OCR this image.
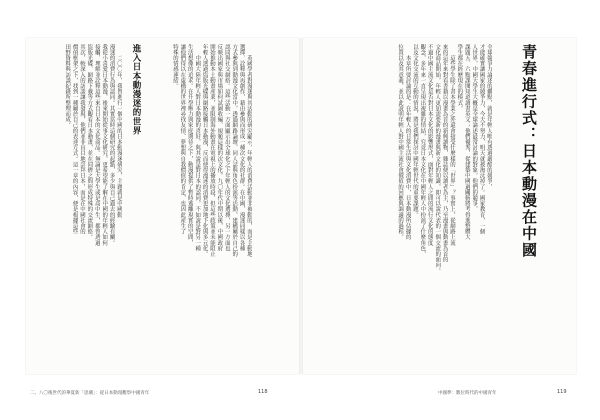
青春進行式：日本動漫在中國
全球競爭力論述的觀點，就是年輕人唯有透過嚴酷的競爭，
才能確實讓國家的競爭力，今天不努力，明天就被淘汰掉了。國家教育，一個
人世界，中國大學生大概是全球論述最常討論的對象。他們的競爭，
課題五．六點課閱知道讀書英文；他們優秀，從建築中國過關斬將考得進整體大
學生都在經歷現在的模式。
　　這些學生除了書本學業之外還會接受什麼樣的「世界」？事實上，從網路上流
來的這年來對看書籍以漫畫為首的新興讀物，雜誌便以讀者為主，乃至漫畫與動畫為首的
文化商品開始，年輕人更加需要新的漫畫與新文化的知識，即可以說代表的一個交流的面向。
不過中國主流文化是否對日本文化的影響形式，面對年輕人之間的流行文化的態度
觀念，多年來一直呈現出複雜的情結，究竟日本文化在中國年輕人中扮演了什麼角色，
以及文化交流的互動的情況，將是我們探討中國年輕世代的重要課題。
　　本章所要討論的是：在年輕人的日常生活與文化消費中，日本動漫所佔據的
位置以及其意義，並以此說明年輕人對中國主流社會價值的回應與調適的過程。
　　英國學者對漫迷與其活動的研究顯示，年輕人的消費活動並非被動的，而是主動地
選擇、詮釋與再創作，藉由參與而形成一種次文化的社群。在中國，漫迷同樣以各種
方式參與到動漫文化當中，透過網路論壇、同人誌與角色扮演等活動，建構屬於自己的
認同與社交網絡。這些活動一方面顯示出全球化之下年輕人的文化選擇，另一方面也
反映出國家與市場如何試圖收編、規範這樣的次文化。九〇年代中期以後，中國政府
開始推動本土動畫產業，並限制海外動畫在電視上的播放時段，但這些政策並未能阻止
年輕人透過盜版光碟與網路接觸日本動漫，反而使得漫迷的消費更加地下化與多元化。
　　中國大陸年輕人對日本動漫的喜好，與其說是對日本的認同，不如說是對另一種
生活想像的追求。在升學壓力與家庭期待之下，動漫提供了暫時逃離現實的空間，
讓他們得以在虛構的世界裡尋找友情、夢想與自我價值的肯定，也因此產生了
特殊的情感連結。
進入日本動漫迷的世界
　　二〇〇年，我曾進行一個中國的日本動漫迷研究，主題就是中國動
漫迷的消費行為與認同。其實當時這個研究的起點，多少與自己過去的經驗有關。
我從小喜愛日本動漫，後來開始從事文化研究，更希望能了解在中國的年輕人如何
接觸、理解並詮釋這些來自日本的文化商品。無論是大學生或是高中生，都曾透過
盜版光碟、網路下載等方式觀看日本動畫，並在同儕之間形成特殊的交流網絡。
其次，較深入的訪談讓我發現，他們並非盲目地崇拜日本，而是在中國社會的
價值框架之下，找到一種屬於自己的表達方式。這一章的內容，便是根據這些
田野資料與訪談紀錄所整理而成。
二、八〇後世代的華夏新「思潮」：從日本動漫觀察中國青年	118	中國夢：數位時代的中國青年	119
